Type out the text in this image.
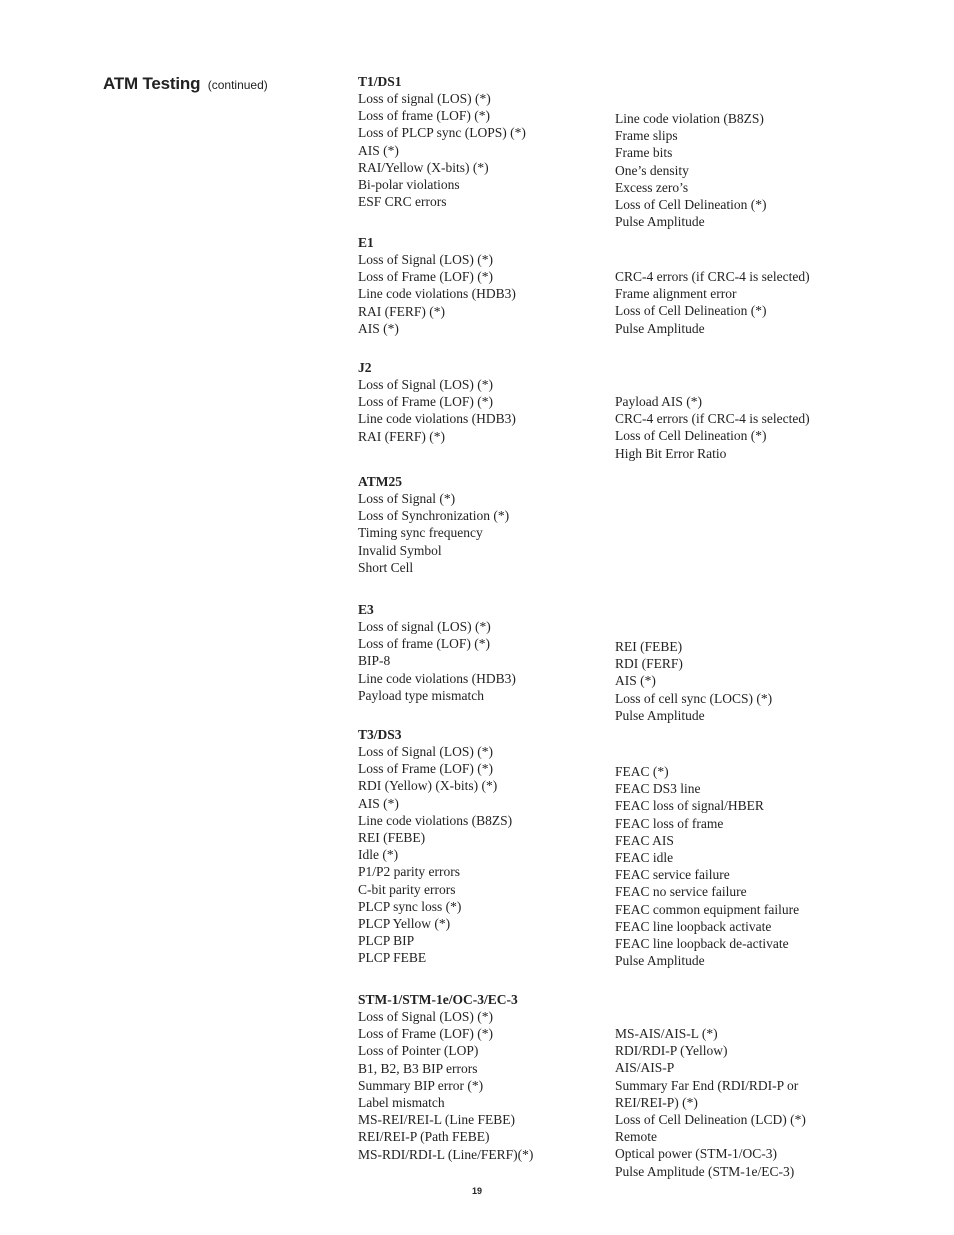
ATM Testing (continued)	T1/DS1
Loss of signal (LOS) (*)
Loss of frame (LOF) (*)
Loss of PLCP sync (LOPS) (*)
AIS (*)
RAI/Yellow (X-bits) (*)
Bi-polar violations
ESF CRC errors
Line code violation (B8ZS)
Frame slips
Frame bits
One’s density
Excess zero’s
Loss of Cell Delineation (*)
Pulse Amplitude
E1
Loss of Signal (LOS) (*)
Loss of Frame (LOF) (*)
Line code violations (HDB3)
RAI (FERF) (*)
AIS (*)
CRC-4 errors (if CRC-4 is selected)
Frame alignment error
Loss of Cell Delineation (*)
Pulse Amplitude
J2
Loss of Signal (LOS) (*)
Loss of Frame (LOF) (*)
Line code violations (HDB3)
RAI (FERF) (*)
Payload AIS (*)
CRC-4 errors (if CRC-4 is selected)
Loss of Cell Delineation (*)
High Bit Error Ratio
ATM25
Loss of Signal (*)
Loss of Synchronization (*)
Timing sync frequency
Invalid Symbol
Short Cell
E3
Loss of signal (LOS) (*)
Loss of frame (LOF) (*)
BIP-8
Line code violations (HDB3)
Payload type mismatch
REI (FEBE)
RDI (FERF)
AIS (*)
Loss of cell sync (LOCS) (*)
Pulse Amplitude
T3/DS3
Loss of Signal (LOS) (*)
Loss of Frame (LOF) (*)
RDI (Yellow) (X-bits) (*)
AIS (*)
Line code violations (B8ZS)
REI (FEBE)
Idle (*)
P1/P2 parity errors
C-bit parity errors
PLCP sync loss (*)
PLCP Yellow (*)
PLCP BIP
PLCP FEBE
FEAC (*)
FEAC DS3 line
FEAC loss of signal/HBER
FEAC loss of frame
FEAC AIS
FEAC idle
FEAC service failure
FEAC no service failure
FEAC common equipment failure
FEAC line loopback activate
FEAC line loopback de-activate
Pulse Amplitude
STM-1/STM-1e/OC-3/EC-3
Loss of Signal (LOS) (*)
Loss of Frame (LOF) (*)
Loss of Pointer (LOP)
B1, B2, B3 BIP errors
Summary BIP error (*)
Label mismatch
MS-REI/REI-L (Line FEBE)
REI/REI-P (Path FEBE)
MS-RDI/RDI-L (Line/FERF)(*)
MS-AIS/AIS-L (*)
RDI/RDI-P (Yellow)
AIS/AIS-P
Summary Far End (RDI/RDI-P or
REI/REI-P) (*)
Loss of Cell Delineation (LCD) (*)
Remote
Optical power (STM-1/OC-3)
Pulse Amplitude (STM-1e/EC-3)
19
